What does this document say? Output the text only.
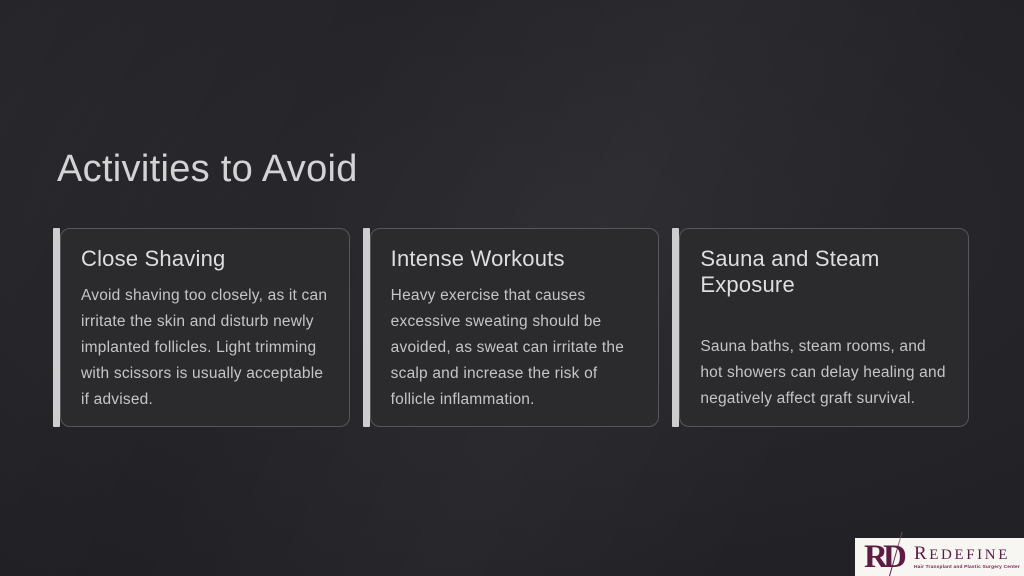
Activities to Avoid
Close Shaving

Avoid shaving too closely, as it can irritate the skin and disturb newly implanted follicles. Light trimming with scissors is usually acceptable if advised.

Intense Workouts

Heavy exercise that causes excessive sweating should be avoided, as sweat can irritate the scalp and increase the risk of follicle inflammation.

Sauna and Steam Exposure

Sauna baths, steam rooms, and hot showers can delay healing and negatively affect graft survival.

R
D REDEFINE
Hair Transplant and Plastic Surgery Center
